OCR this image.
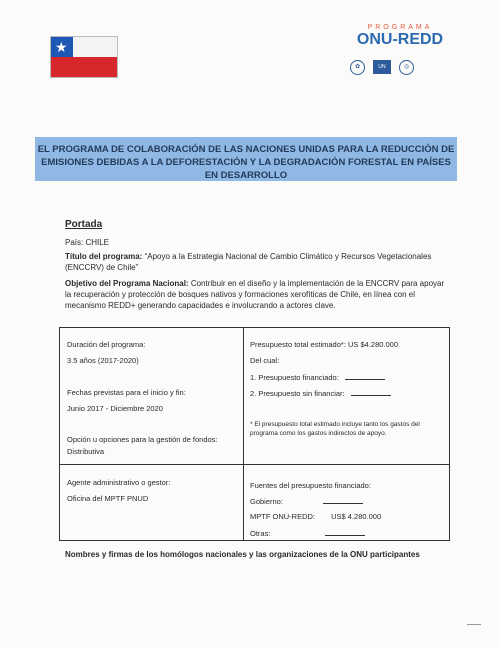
★
PROGRAMA
ONU-REDD
✿	UN	◎
EL PROGRAMA DE COLABORACIÓN DE LAS NACIONES UNIDAS PARA LA REDUCCIÓN DE EMISIONES DEBIDAS A LA DEFORESTACIÓN Y LA DEGRADACIÓN FORESTAL EN PAÍSES EN DESARROLLO
Portada
País: CHILE
Título del programa: “Apoyo a la Estrategia Nacional de Cambio Climático y Recursos Vegetacionales (ENCCRV) de Chile”
Objetivo del Programa Nacional: Contribuir en el diseño y la implementación de la ENCCRV para apoyar la recuperación y protección de bosques nativos y formaciones xerofíticas de Chile, en línea con el mecanismo REDD+ generando capacidades e involucrando a actores clave.
Duración del programa:
3.5 años (2017-2020)
Fechas previstas para el inicio y fin:
Junio 2017 - Diciembre 2020
Opción u opciones para la gestión de fondos:
Distributiva
Agente administrativo o gestor:
Oficina del MPTF PNUD
Presupuesto total estimado*: US $4.280.000
Del cual:
1. Presupuesto financiado:
2. Presupuesto sin financiar:
* El presupuesto total estimado incluye tanto los gastos del programa como los gastos indirectos de apoyo.
Fuentes del presupuesto financiado:
Gobierno:
MPTF ONU-REDD: US$ 4.280.000
Otras:
Nombres y firmas de los homólogos nacionales y las organizaciones de la ONU participantes
